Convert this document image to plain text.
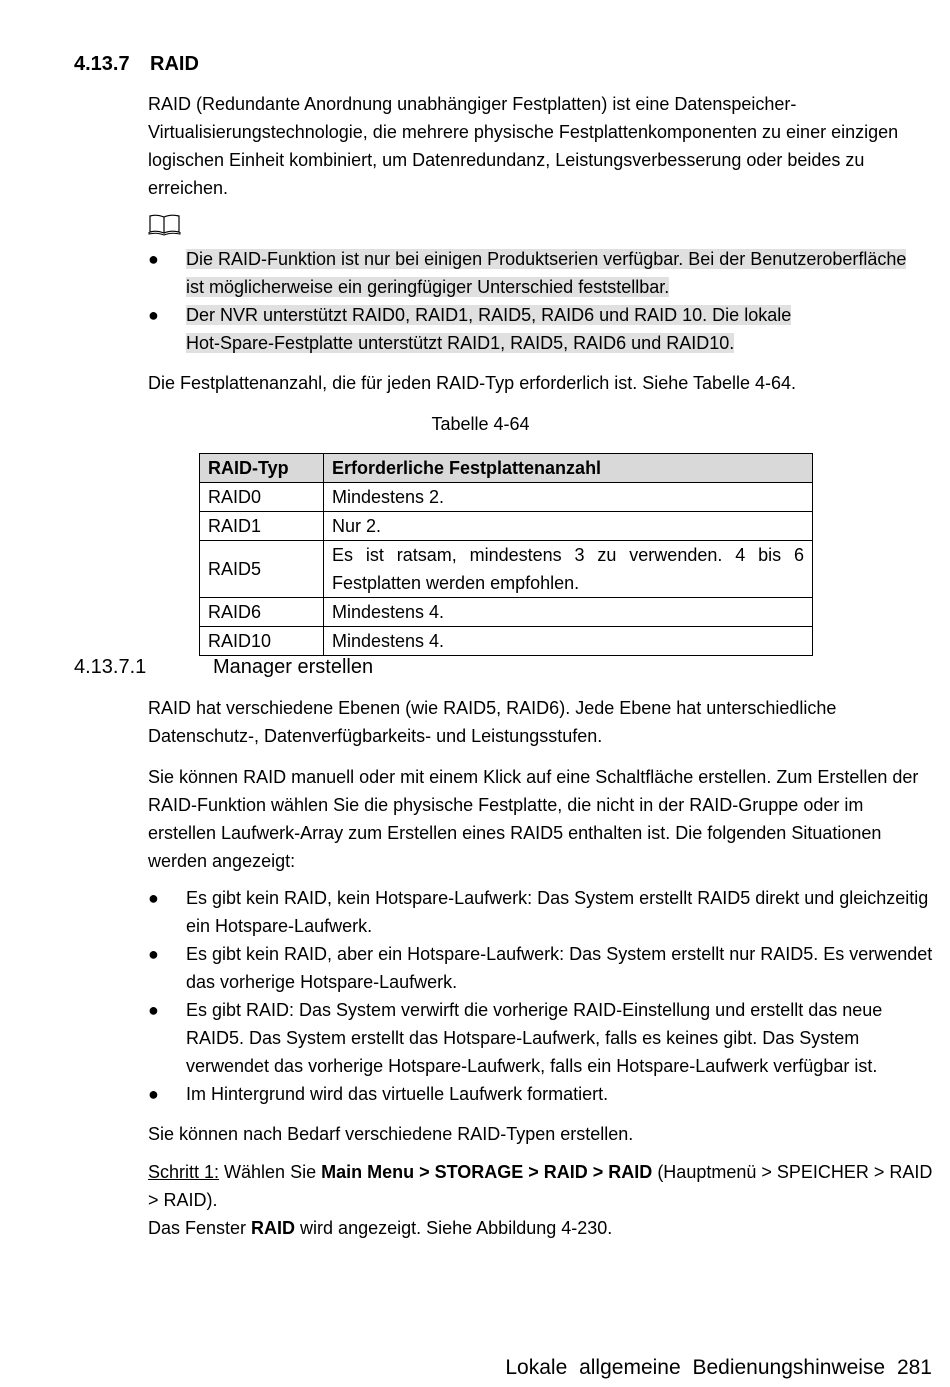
4.13.7 RAID
RAID (Redundante Anordnung unabhängiger Festplatten) ist eine Datenspeicher-Virtualisierungstechnologie, die mehrere physische Festplattenkomponenten zu einer einzigen logischen Einheit kombiniert, um Datenredundanz, Leistungsverbesserung oder beides zu erreichen.
●	Die RAID-Funktion ist nur bei einigen Produktserien verfügbar. Bei der Benutzeroberfläche
ist möglicherweise ein geringfügiger Unterschied feststellbar.
●	Der NVR unterstützt RAID0, RAID1, RAID5, RAID6 und RAID 10. Die lokale
Hot-Spare-Festplatte unterstützt RAID1, RAID5, RAID6 und RAID10.
Die Festplattenanzahl, die für jeden RAID-Typ erforderlich ist. Siehe Tabelle 4-64.
Tabelle 4-64
RAID-Typ	Erforderliche Festplattenanzahl
RAID0	Mindestens 2.
RAID1	Nur 2.
RAID5	Es ist ratsam, mindestens 3 zu verwenden. 4 bis 6 Festplatten werden empfohlen.
RAID6	Mindestens 4.
RAID10	Mindestens 4.
4.13.7.1	Manager erstellen
RAID hat verschiedene Ebenen (wie RAID5, RAID6). Jede Ebene hat unterschiedliche Datenschutz-, Datenverfügbarkeits- und Leistungsstufen.
Sie können RAID manuell oder mit einem Klick auf eine Schaltfläche erstellen. Zum Erstellen der RAID-Funktion wählen Sie die physische Festplatte, die nicht in der RAID-Gruppe oder im erstellen Laufwerk-Array zum Erstellen eines RAID5 enthalten ist. Die folgenden Situationen werden angezeigt:
●	Es gibt kein RAID, kein Hotspare-Laufwerk: Das System erstellt RAID5 direkt und gleichzeitig ein Hotspare-Laufwerk.
●	Es gibt kein RAID, aber ein Hotspare-Laufwerk: Das System erstellt nur RAID5. Es verwendet das vorherige Hotspare-Laufwerk.
●	Es gibt RAID: Das System verwirft die vorherige RAID-Einstellung und erstellt das neue RAID5. Das System erstellt das Hotspare-Laufwerk, falls es keines gibt. Das System verwendet das vorherige Hotspare-Laufwerk, falls ein Hotspare-Laufwerk verfügbar ist.
●	Im Hintergrund wird das virtuelle Laufwerk formatiert.
Sie können nach Bedarf verschiedene RAID-Typen erstellen.
Schritt 1: Wählen Sie Main Menu > STORAGE > RAID > RAID (Hauptmenü > SPEICHER > RAID > RAID).
Das Fenster RAID wird angezeigt. Siehe Abbildung 4-230.
Lokale allgemeine Bedienungshinweise 281
